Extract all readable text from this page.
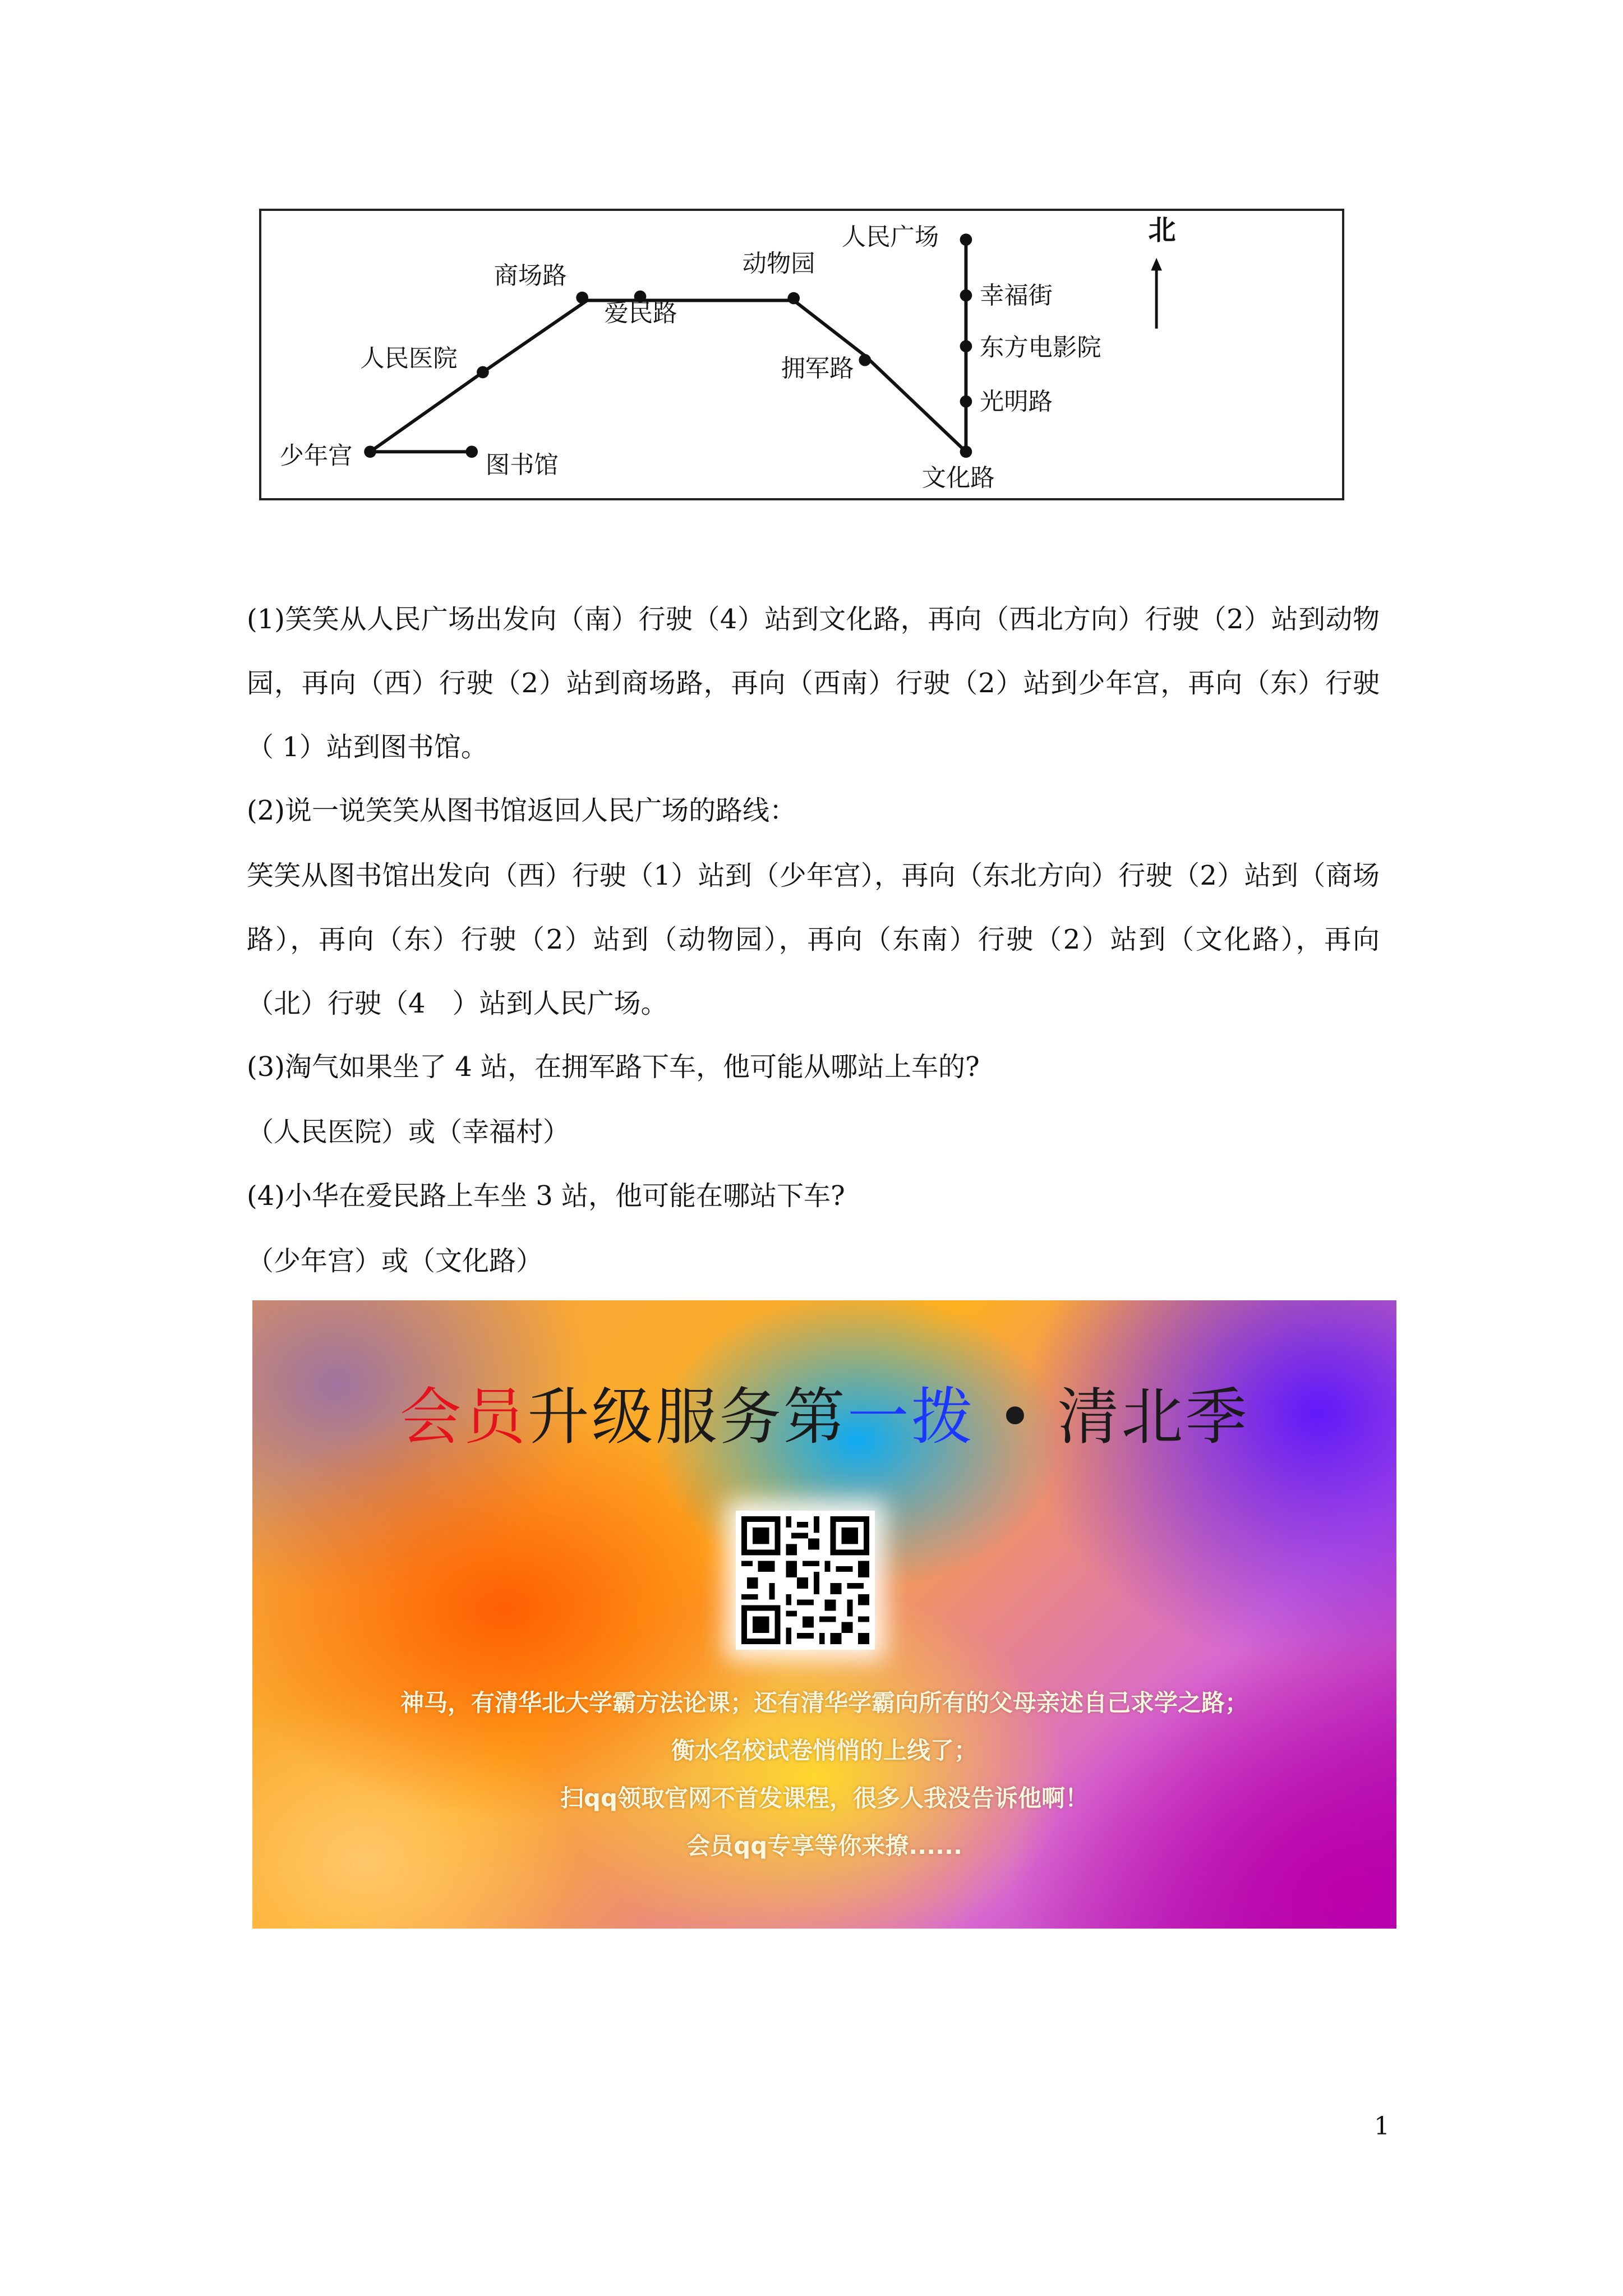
北
人民广场
幸福街
东方电影院
光明路
文化路
拥军路
动物园
爱民路
商场路
人民医院
少年宫	图书馆
(1)笑笑从人民广场出发向（南）行驶（4）站到文化路，再向（西北方向）行驶（2）站到动物园，再向（西）行驶（2）站到商场路，再向（西南）行驶（2）站到少年宫，再向（东）行驶（ 1）站到图书馆。
(2)说一说笑笑从图书馆返回人民广场的路线：
笑笑从图书馆出发向（西）行驶（1）站到（少年宫），再向（东北方向）行驶（2）站到（商场路），再向（东）行驶（2）站到（动物园），再向（东南）行驶（2）站到（文化路），再向（北）行驶（4　）站到人民广场。
(3)淘气如果坐了 4 站，在拥军路下车，他可能从哪站上车的?
（人民医院）或（幸福村）
(4)小华在爱民路上车坐 3 站，他可能在哪站下车?
（少年宫）或（文化路）
会员升级服务第一拨 • 清北季
神马，有清华北大学霸方法论课；还有清华学霸向所有的父母亲述自己求学之路；
衡水名校试卷悄悄的上线了；
扫qq领取官网不首发课程，很多人我没告诉他啊！
会员qq专享等你来撩......
1
